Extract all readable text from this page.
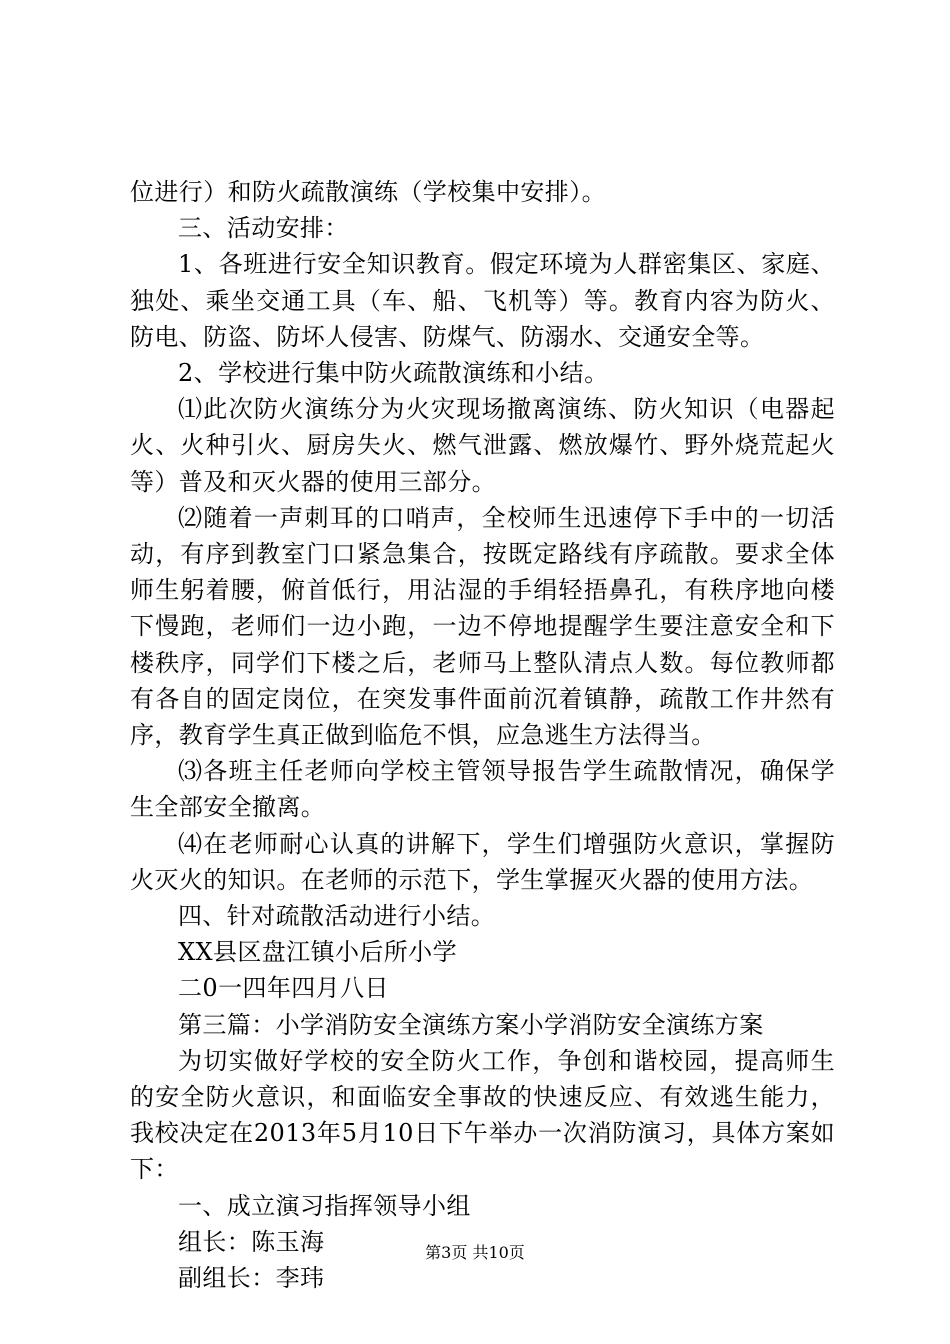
位进行）和防火疏散演练（学校集中安排）。

三、活动安排：

1、各班进行安全知识教育。假定环境为人群密集区、家庭、独处、乘坐交通工具（车、船、飞机等）等。教育内容为防火、防电、防盗、防坏人侵害、防煤气、防溺水、交通安全等。

2、学校进行集中防火疏散演练和小结。

⑴此次防火演练分为火灾现场撤离演练、防火知识（电器起火、火种引火、厨房失火、燃气泄露、燃放爆竹、野外烧荒起火等）普及和灭火器的使用三部分。

⑵随着一声刺耳的口哨声，全校师生迅速停下手中的一切活动，有序到教室门口紧急集合，按既定路线有序疏散。要求全体师生躬着腰，俯首低行，用沾湿的手绢轻捂鼻孔，有秩序地向楼下慢跑，老师们一边小跑，一边不停地提醒学生要注意安全和下楼秩序，同学们下楼之后，老师马上整队清点人数。每位教师都有各自的固定岗位，在突发事件面前沉着镇静，疏散工作井然有序，教育学生真正做到临危不惧，应急逃生方法得当。

⑶各班主任老师向学校主管领导报告学生疏散情况，确保学生全部安全撤离。

⑷在老师耐心认真的讲解下，学生们增强防火意识，掌握防火灭火的知识。在老师的示范下，学生掌握灭火器的使用方法。

四、针对疏散活动进行小结。

XX县区盘江镇小后所小学

二0一四年四月八日

第三篇：小学消防安全演练方案小学消防安全演练方案

为切实做好学校的安全防火工作，争创和谐校园，提高师生的安全防火意识，和面临安全事故的快速反应、有效逃生能力，我校决定在2013年5月10日下午举办一次消防演习，具体方案如下：

一、成立演习指挥领导小组

组长：陈玉海

副组长：李玮

第3页 共10页
